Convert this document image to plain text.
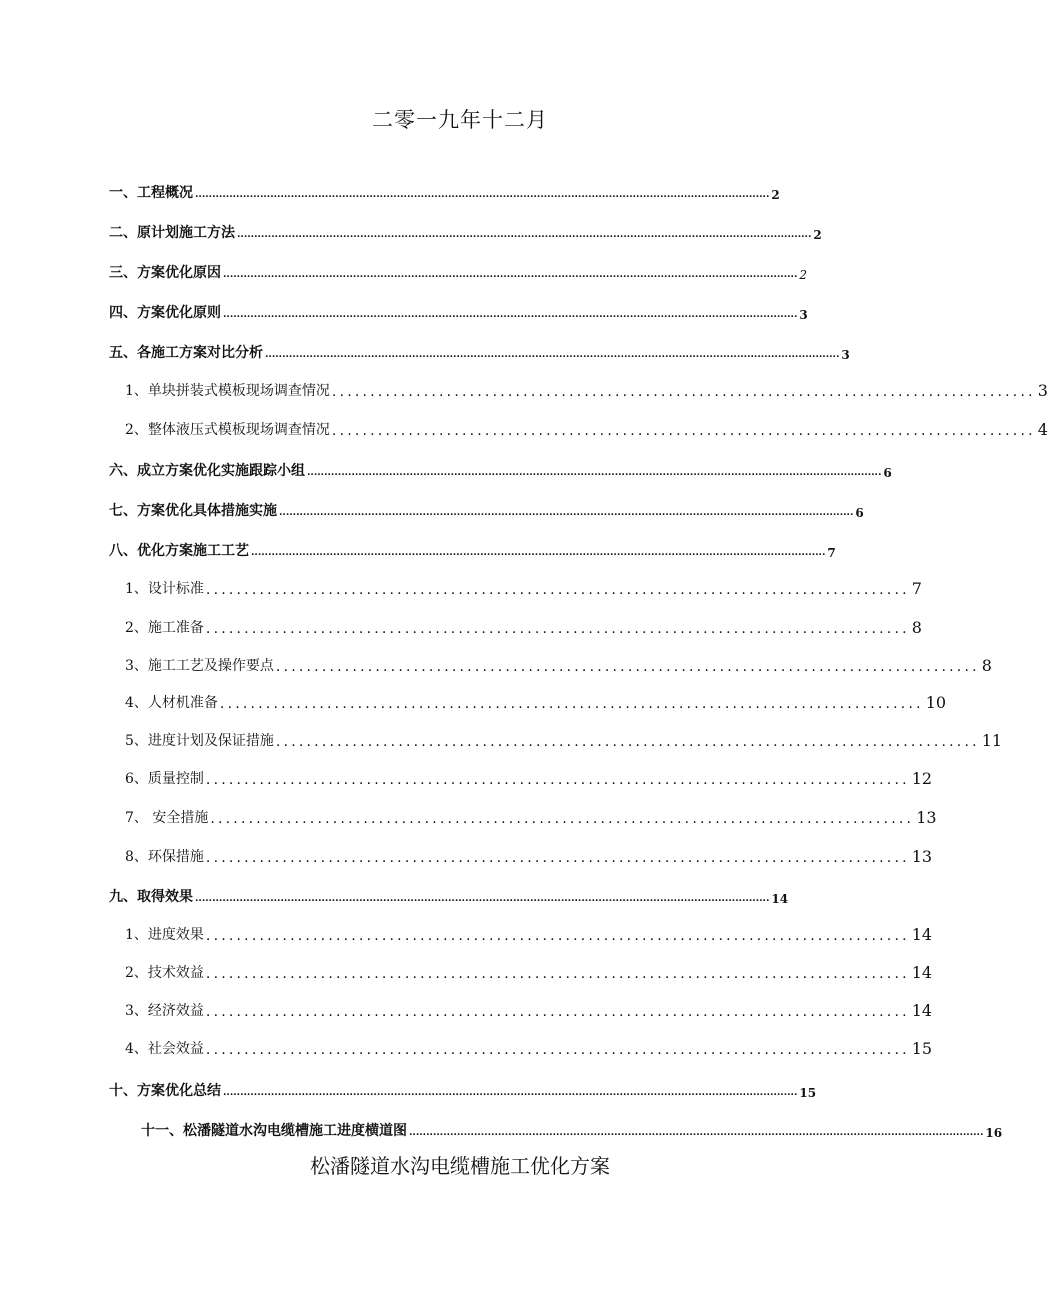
二零一九年十二月
一、工程概况 ........................................................................................................................................................................ 2
二、原计划施工方法 ........................................................................................................................................................................ 2
三、方案优化原因 ........................................................................................................................................................................ 2
四、方案优化原则 ........................................................................................................................................................................ 3
五、各施工方案对比分析 ........................................................................................................................................................................ 3
1、单块拼装式模板现场调查情况 ............................................................................................ 3
2、整体液压式模板现场调查情况 ............................................................................................ 4
六、成立方案优化实施跟踪小组 ........................................................................................................................................................................ 6
七、方案优化具体措施实施 ........................................................................................................................................................................ 6
八、优化方案施工工艺 ........................................................................................................................................................................ 7
1、设计标准 ............................................................................................ 7
2、施工准备 ............................................................................................ 8
3、施工工艺及操作要点 ............................................................................................ 8
4、人材机准备 ............................................................................................ 10
5、进度计划及保证措施 ............................................................................................ 11
6、质量控制 ............................................................................................ 12
7、 安全措施 ............................................................................................ 13
8、环保措施 ............................................................................................ 13
九、取得效果 ........................................................................................................................................................................ 14
1、进度效果 ............................................................................................ 14
2、技术效益 ............................................................................................ 14
3、经济效益 ............................................................................................ 14
4、社会效益 ............................................................................................ 15
十、方案优化总结 ........................................................................................................................................................................ 15
十一、松潘隧道水沟电缆槽施工进度横道图 ........................................................................................................................................................................ 16
松潘隧道水沟电缆槽施工优化方案
